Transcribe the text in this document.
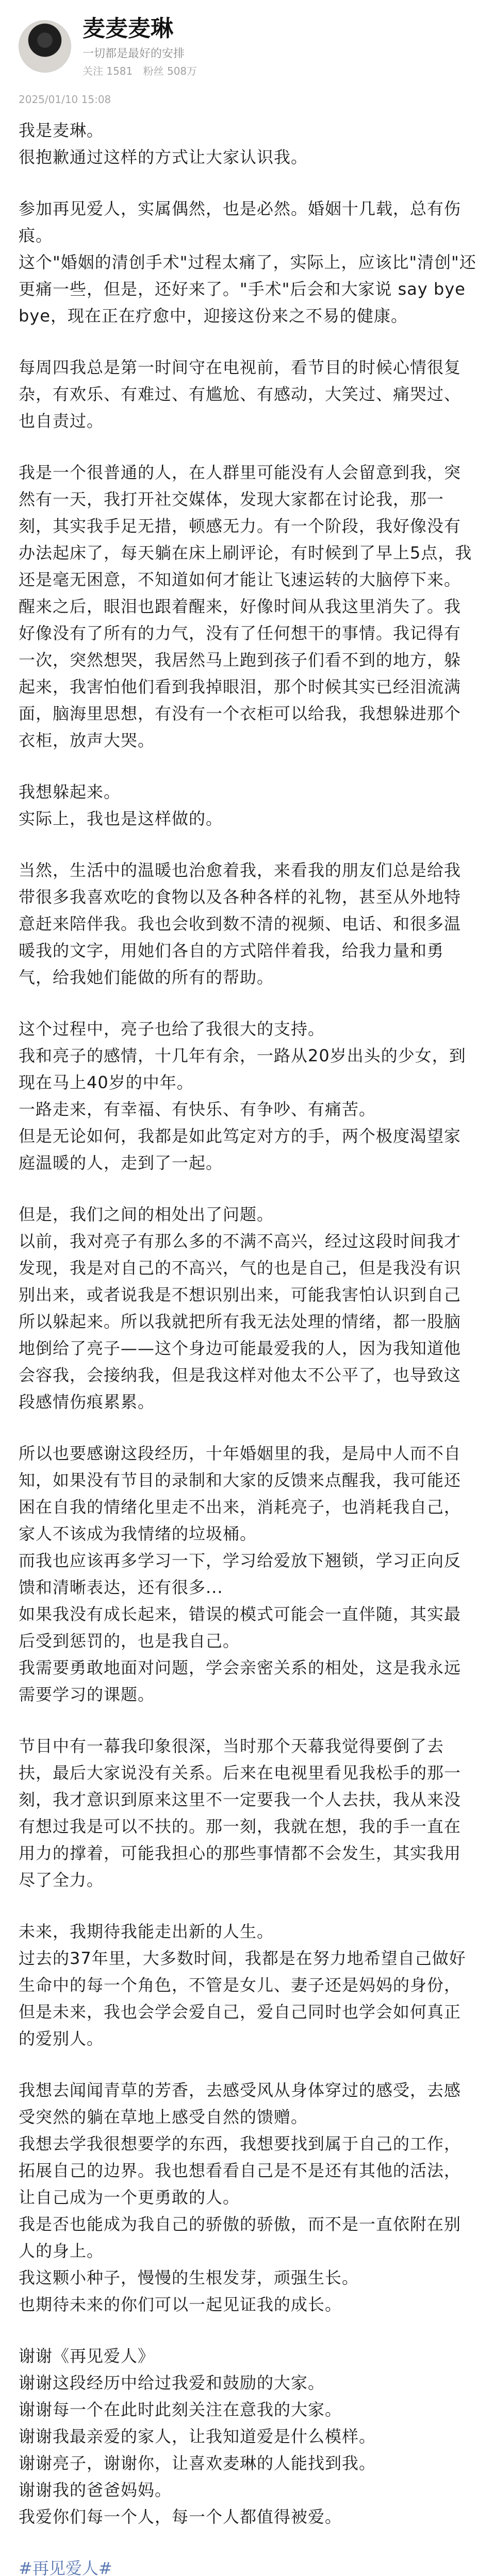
麦麦麦琳
一切都是最好的安排
关注 1581 粉丝 508万
2025/01/10 15:08

我是麦琳。
很抱歉通过这样的方式让大家认识我。

参加再见爱人，实属偶然，也是必然。婚姻十几载，总有伤痕。
这个"婚姻的清创手术"过程太痛了，实际上，应该比"清创"还更痛一些，但是，还好来了。"手术"后会和大家说 say byebye，现在正在疗愈中，迎接这份来之不易的健康。

每周四我总是第一时间守在电视前，看节目的时候心情很复杂，有欢乐、有难过、有尴尬、有感动，大笑过、痛哭过、也自责过。

我是一个很普通的人，在人群里可能没有人会留意到我，突然有一天，我打开社交媒体，发现大家都在讨论我，那一刻，其实我手足无措，顿感无力。有一个阶段，我好像没有办法起床了，每天躺在床上刷评论，有时候到了早上5点，我还是毫无困意，不知道如何才能让飞速运转的大脑停下来。醒来之后，眼泪也跟着醒来，好像时间从我这里消失了。我好像没有了所有的力气，没有了任何想干的事情。我记得有一次，突然想哭，我居然马上跑到孩子们看不到的地方，躲起来，我害怕他们看到我掉眼泪，那个时候其实已经泪流满面，脑海里思想，有没有一个衣柜可以给我，我想躲进那个衣柜，放声大哭。

我想躲起来。
实际上，我也是这样做的。

当然，生活中的温暖也治愈着我，来看我的朋友们总是给我带很多我喜欢吃的食物以及各种各样的礼物，甚至从外地特意赶来陪伴我。我也会收到数不清的视频、电话、和很多温暖我的文字，用她们各自的方式陪伴着我，给我力量和勇气，给我她们能做的所有的帮助。

这个过程中，亮子也给了我很大的支持。
我和亮子的感情，十几年有余，一路从20岁出头的少女，到现在马上40岁的中年。
一路走来，有幸福、有快乐、有争吵、有痛苦。
但是无论如何，我都是如此笃定对方的手，两个极度渴望家庭温暖的人，走到了一起。

但是，我们之间的相处出了问题。
以前，我对亮子有那么多的不满不高兴，经过这段时间我才发现，我是对自己的不高兴，气的也是自己，但是我没有识别出来，或者说我是不想识别出来，可能我害怕认识到自己所以躲起来。所以我就把所有我无法处理的情绪，都一股脑地倒给了亮子——这个身边可能最爱我的人，因为我知道他会容我，会接纳我，但是我这样对他太不公平了，也导致这段感情伤痕累累。

所以也要感谢这段经历，十年婚姻里的我，是局中人而不自知，如果没有节目的录制和大家的反馈来点醒我，我可能还困在自我的情绪化里走不出来，消耗亮子，也消耗我自己，家人不该成为我情绪的垃圾桶。
而我也应该再多学习一下，学习给爱放下翘锁，学习正向反馈和清晰表达，还有很多...
如果我没有成长起来，错误的模式可能会一直伴随，其实最后受到惩罚的，也是我自己。
我需要勇敢地面对问题，学会亲密关系的相处，这是我永远需要学习的课题。

节目中有一幕我印象很深，当时那个天幕我觉得要倒了去扶，最后大家说没有关系。后来在电视里看见我松手的那一刻，我才意识到原来这里不一定要我一个人去扶，我从来没有想过我是可以不扶的。那一刻，我就在想，我的手一直在用力的撑着，可能我担心的那些事情都不会发生，其实我用尽了全力。

未来，我期待我能走出新的人生。
过去的37年里，大多数时间，我都是在努力地希望自己做好生命中的每一个角色，不管是女儿、妻子还是妈妈的身份，但是未来，我也会学会爱自己，爱自己同时也学会如何真正的爱别人。

我想去闻闻青草的芳香，去感受风从身体穿过的感受，去感受突然的躺在草地上感受自然的馈赠。
我想去学我很想要学的东西，我想要找到属于自己的工作，拓展自己的边界。我也想看看自己是不是还有其他的活法，让自己成为一个更勇敢的人。
我是否也能成为我自己的骄傲的骄傲，而不是一直依附在别人的身上。
我这颗小种子，慢慢的生根发芽，顽强生长。
也期待未来的你们可以一起见证我的成长。

谢谢《再见爱人》
谢谢这段经历中给过我爱和鼓励的大家。
谢谢每一个在此时此刻关注在意我的大家。
谢谢我最亲爱的家人，让我知道爱是什么模样。
谢谢亮子，谢谢你，让喜欢麦琳的人能找到我。
谢谢我的爸爸妈妈。
我爱你们每一个人，每一个人都值得被爱。

#再见爱人#
